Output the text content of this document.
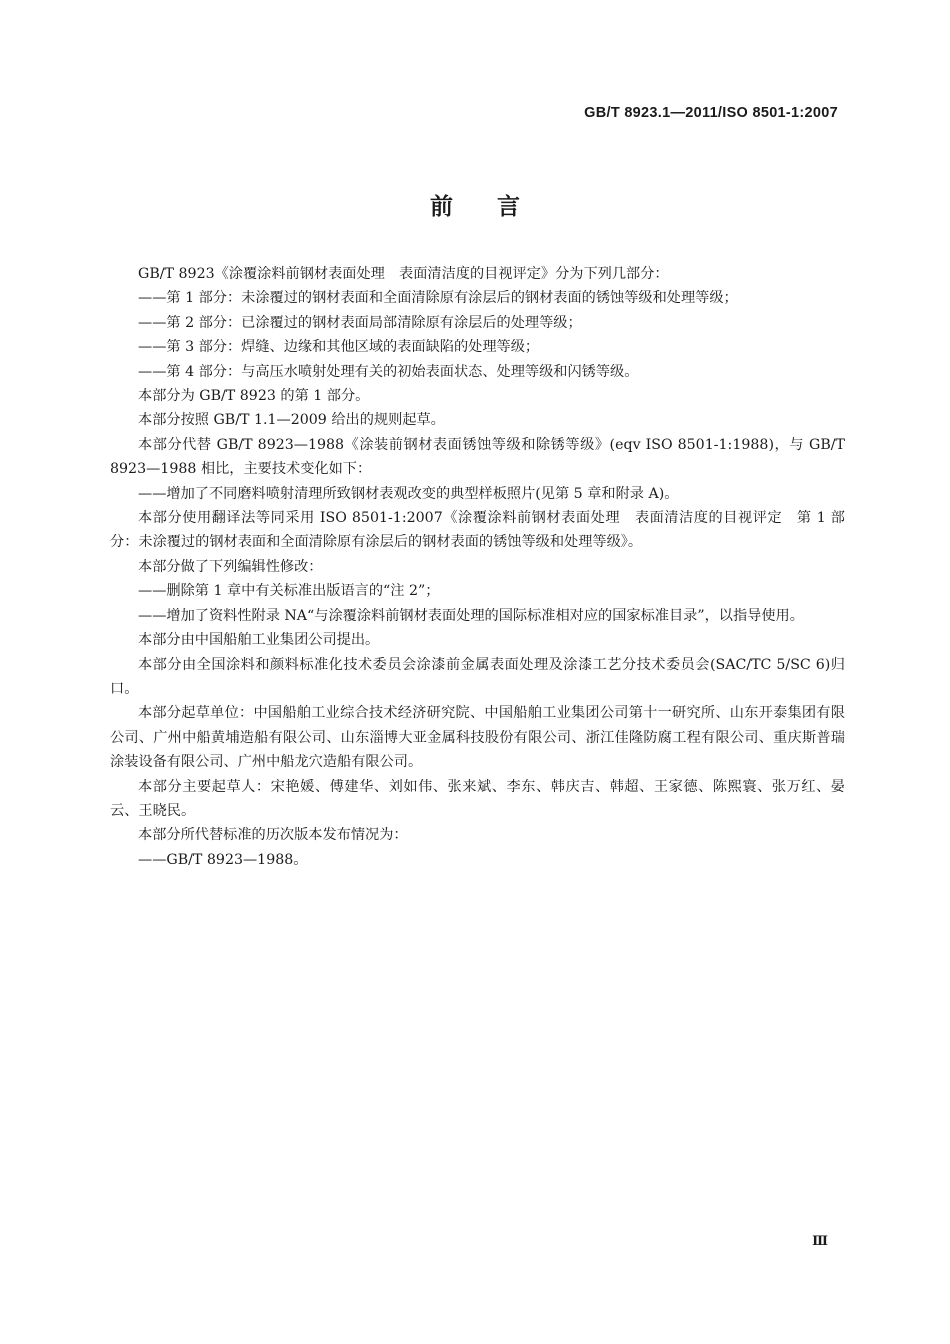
GB/T 8923.1—2011/ISO 8501-1:2007
前言

GB/T 8923《涂覆涂料前钢材表面处理　表面清洁度的目视评定》分为下列几部分：

——第 1 部分：未涂覆过的钢材表面和全面清除原有涂层后的钢材表面的锈蚀等级和处理等级；

——第 2 部分：已涂覆过的钢材表面局部清除原有涂层后的处理等级；

——第 3 部分：焊缝、边缘和其他区域的表面缺陷的处理等级；

——第 4 部分：与高压水喷射处理有关的初始表面状态、处理等级和闪锈等级。

本部分为 GB/T 8923 的第 1 部分。

本部分按照 GB/T 1.1—2009 给出的规则起草。

本部分代替 GB/T 8923—1988《涂装前钢材表面锈蚀等级和除锈等级》(eqv ISO 8501-1:1988)，与 GB/T 8923—1988 相比，主要技术变化如下：

——增加了不同磨料喷射清理所致钢材表观改变的典型样板照片(见第 5 章和附录 A)。

本部分使用翻译法等同采用 ISO 8501-1:2007《涂覆涂料前钢材表面处理　表面清洁度的目视评定　第 1 部分：未涂覆过的钢材表面和全面清除原有涂层后的钢材表面的锈蚀等级和处理等级》。

本部分做了下列编辑性修改：

——删除第 1 章中有关标准出版语言的“注 2”；

——增加了资料性附录 NA“与涂覆涂料前钢材表面处理的国际标准相对应的国家标准目录”，以指导使用。

本部分由中国船舶工业集团公司提出。

本部分由全国涂料和颜料标准化技术委员会涂漆前金属表面处理及涂漆工艺分技术委员会(SAC/TC 5/SC 6)归口。

本部分起草单位：中国船舶工业综合技术经济研究院、中国船舶工业集团公司第十一研究所、山东开泰集团有限公司、广州中船黄埔造船有限公司、山东淄博大亚金属科技股份有限公司、浙江佳隆防腐工程有限公司、重庆斯普瑞涂装设备有限公司、广州中船龙穴造船有限公司。

本部分主要起草人：宋艳媛、傅建华、刘如伟、张来斌、李东、韩庆吉、韩超、王家德、陈熙寰、张万红、晏云、王晓民。

本部分所代替标准的历次版本发布情况为：

——GB/T 8923—1988。

Ⅲ
